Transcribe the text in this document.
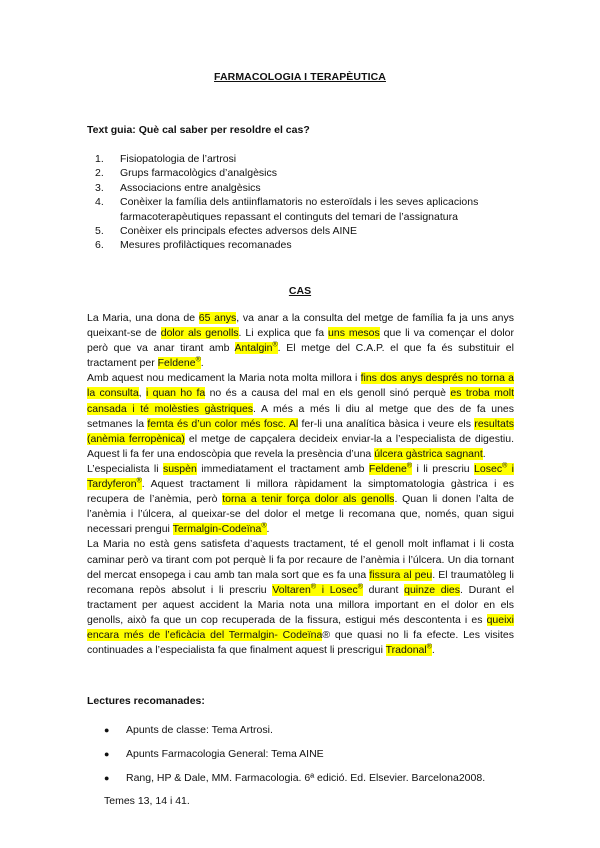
FARMACOLOGIA I TERAPÈUTICA
Text guia: Què cal saber per resoldre el cas?
1.	Fisiopatologia de l’artrosi
2.	Grups farmacològics d’analgèsics
3.	Associacions entre analgèsics
4.	Conèixer la família dels antiinflamatoris no esteroïdals i les seves aplicacions farmacoterapèutiques repassant el continguts del temari de l’assignatura
5.	Conèixer els principals efectes adversos dels AINE
6.	Mesures profilàctiques recomanades
CAS

La Maria, una dona de 65 anys, va anar a la consulta del metge de família fa ja uns anys queixant-se de dolor als genolls. Li explica que fa uns mesos que li va començar el dolor però que va anar tirant amb Antalgin®. El metge del C.A.P. el que fa és substituir el tractament per Feldene®.

Amb aquest nou medicament la Maria nota molta millora i fins dos anys després no torna a la consulta, i quan ho fa no és a causa del mal en els genoll sinó perquè es troba molt cansada i té molèsties gàstriques. A més a més li diu al metge que des de fa unes setmanes la femta és d’un color més fosc. Al fer-li una analítica bàsica i veure els resultats (anèmia ferropènica) el metge de capçalera decideix enviar-la a l’especialista de digestiu. Aquest li fa fer una endoscòpia que revela la presència d’una úlcera gàstrica sagnant.

L’especialista li suspèn immediatament el tractament amb Feldene® i li prescriu Losec® i Tardyferon®. Aquest tractament li millora ràpidament la simptomatologia gàstrica i es recupera de l’anèmia, però torna a tenir força dolor als genolls. Quan li donen l’alta de l’anèmia i l’úlcera, al queixar-se del dolor el metge li recomana que, només, quan sigui necessari prengui Termalgin-Codeïna®.

La Maria no està gens satisfeta d’aquests tractament, té el genoll molt inflamat i li costa caminar però va tirant com pot perquè li fa por recaure de l’anèmia i l’úlcera. Un dia tornant del mercat ensopega i cau amb tan mala sort que es fa una fissura al peu. El traumatòleg li recomana repòs absolut i li prescriu Voltaren® i Losec® durant quinze dies. Durant el tractament per aquest accident la Maria nota una millora important en el dolor en els genolls, això fa que un cop recuperada de la fissura, estigui més descontenta i es queixi encara més de l’eficàcia del Termalgin- Codeïna® que quasi no li fa efecte. Les visites continuades a l’especialista fa que finalment aquest li prescrigui Tradonal®.

Lectures recomanades:
●	Apunts de classe: Tema Artrosi.
●	Apunts Farmacologia General: Tema AINE
●	Rang, HP & Dale, MM. Farmacologia. 6ª edició. Ed. Elsevier. Barcelona2008.
Temes 13, 14 i 41.
